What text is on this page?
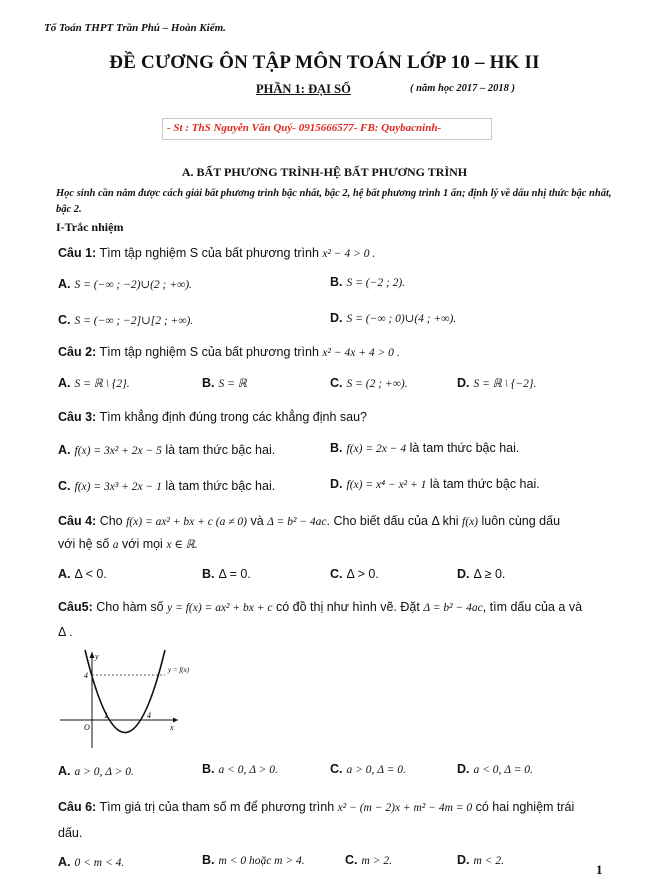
Tổ Toán THPT Trần Phú – Hoàn Kiếm.
ĐỀ CƯƠNG ÔN TẬP MÔN TOÁN LỚP 10 – HK II
PHẦN 1: ĐẠI SỐ	( năm học 2017 – 2018 )
- St : ThS Nguyễn Văn Quý- 0915666577- FB: Quybacninh-
A. BẤT PHƯƠNG TRÌNH-HỆ BẤT PHƯƠNG TRÌNH
Học sinh cần nắm được cách giải bất phương trình bậc nhất, bậc 2, hệ bất phương trình 1 ẩn; định lý về dấu nhị thức bậc nhất, bậc 2.
I-Trắc nhiệm
Câu 1: Tìm tập nghiệm S của bất phương trình x² − 4 > 0 .
A. S = (−∞ ; −2)∪(2 ; +∞).	B. S = (−2 ; 2).
C. S = (−∞ ; −2]∪[2 ; +∞).	D. S = (−∞ ; 0)∪(4 ; +∞).
Câu 2: Tìm tập nghiệm S của bất phương trình x² − 4x + 4 > 0 .
A. S = ℝ \ {2}.	B. S = ℝ	C. S = (2 ; +∞).	D. S = ℝ \ {−2}.
Câu 3: Tìm khẳng định đúng trong các khẳng định sau?
A. f(x) = 3x² + 2x − 5 là tam thức bậc hai.	B. f(x) = 2x − 4 là tam thức bậc hai.
C. f(x) = 3x³ + 2x − 1 là tam thức bậc hai.	D. f(x) = x⁴ − x² + 1 là tam thức bậc hai.
Câu 4: Cho f(x) = ax² + bx + c (a ≠ 0) và Δ = b² − 4ac. Cho biết dấu của Δ khi f(x) luôn cùng dấu
với hệ số a với mọi x ∈ ℝ.
A. Δ < 0.	B. Δ = 0.	C. Δ > 0.	D. Δ ≥ 0.
Câu5: Cho hàm số y = f(x) = ax² + bx + c có đồ thị như hình vẽ. Đặt Δ = b² − 4ac, tìm dấu của a và
Δ .
y = f(x)
y
x
O
4
1	4
A. a > 0, Δ > 0.	B. a < 0, Δ > 0.	C. a > 0, Δ = 0.	D. a < 0, Δ = 0.
Câu 6: Tìm giá trị của tham số m để phương trình x² − (m − 2)x + m² − 4m = 0 có hai nghiệm trái
dấu.
A. 0 < m < 4.	B. m < 0 hoặc m > 4.	C. m > 2.	D. m < 2.
1
